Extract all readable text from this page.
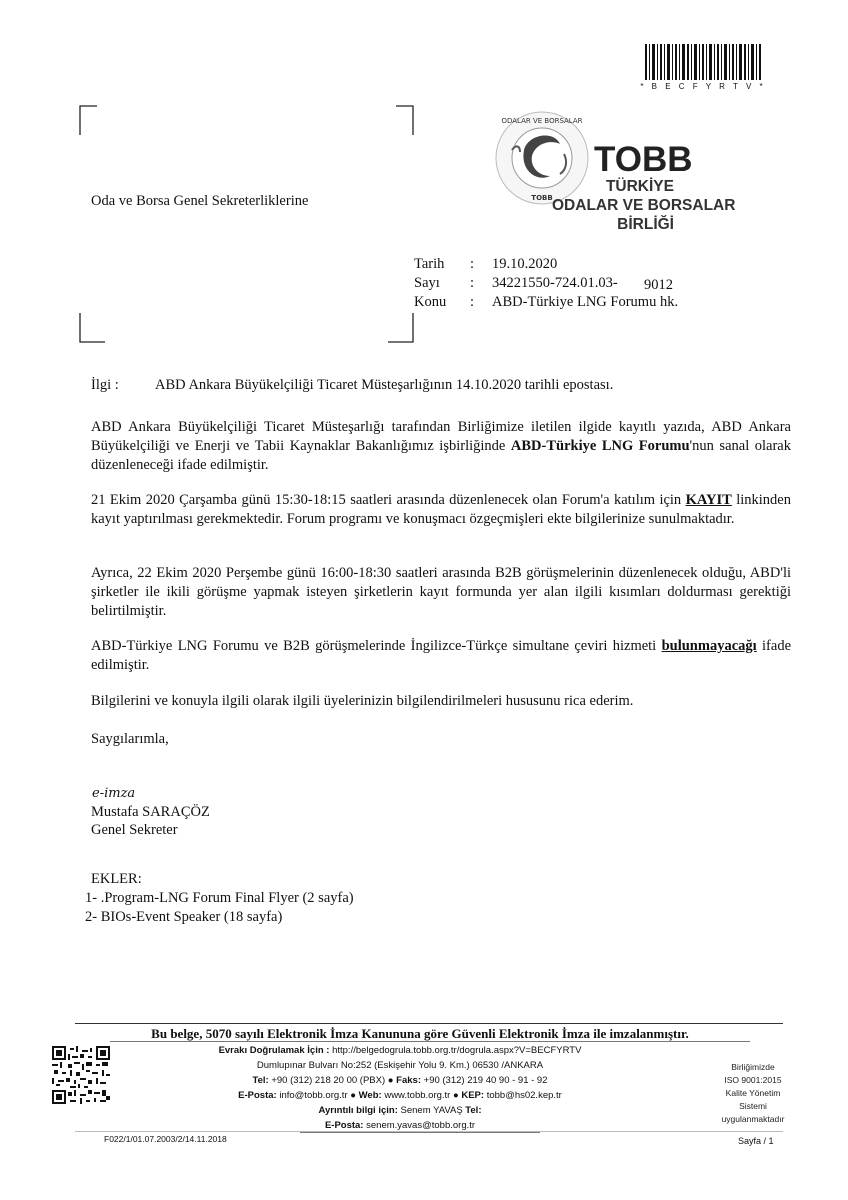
* B E C F Y R T V *
Oda ve Borsa Genel Sekreterliklerine
ODALAR VE BORSALAR
TOBB
TOBB
TÜRKİYE
ODALAR VE BORSALAR
BİRLİĞİ
Tarih : 19.10.2020
Sayı : 34221550-724.01.03- 9012
Konu : ABD-Türkiye LNG Forumu hk.
İlgi : ABD Ankara Büyükelçiliği Ticaret Müsteşarlığının 14.10.2020 tarihli epostası.
ABD Ankara Büyükelçiliği Ticaret Müsteşarlığı tarafından Birliğimize iletilen ilgide kayıtlı yazıda, ABD Ankara Büyükelçiliği ve Enerji ve Tabii Kaynaklar Bakanlığımız işbirliğinde ABD-Türkiye LNG Forumu'nun sanal olarak düzenleneceği ifade edilmiştir.
21 Ekim 2020 Çarşamba günü 15:30-18:15 saatleri arasında düzenlenecek olan Forum'a katılım için KAYIT linkinden kayıt yaptırılması gerekmektedir. Forum programı ve konuşmacı özgeçmişleri ekte bilgilerinize sunulmaktadır.
Ayrıca, 22 Ekim 2020 Perşembe günü 16:00-18:30 saatleri arasında B2B görüşmelerinin düzenlenecek olduğu, ABD'li şirketler ile ikili görüşme yapmak isteyen şirketlerin kayıt formunda yer alan ilgili kısımları doldurması gerektiği belirtilmiştir.
ABD-Türkiye LNG Forumu ve B2B görüşmelerinde İngilizce-Türkçe simultane çeviri hizmeti bulunmayacağı ifade edilmiştir.
Bilgilerini ve konuyla ilgili olarak ilgili üyelerinizin bilgilendirilmeleri hususunu rica ederim.
Saygılarımla,
e-imza
Mustafa SARAÇÖZ
Genel Sekreter
EKLER:
1- .Program-LNG Forum Final Flyer (2 sayfa)
2- BIOs-Event Speaker (18 sayfa)
Bu belge, 5070 sayılı Elektronik İmza Kanununa göre Güvenli Elektronik İmza ile imzalanmıştır.
Evrakı Doğrulamak İçin : http://belgedogrula.tobb.org.tr/dogrula.aspx?V=BECFYRTV
Dumlupınar Bulvarı No:252 (Eskişehir Yolu 9. Km.) 06530 /ANKARA
Tel: +90 (312) 218 20 00 (PBX) ● Faks: +90 (312) 219 40 90 - 91 - 92
E-Posta: info@tobb.org.tr ● Web: www.tobb.org.tr ● KEP: tobb@hs02.kep.tr
Ayrıntılı bilgi için: Senem YAVAŞ Tel:
E-Posta: senem.yavas@tobb.org.tr
Birliğimizde
ISO 9001:2015
Kalite Yönetim
Sistemi
uygulanmaktadır
F022/1/01.07.2003/2/14.11.2018	Sayfa / 1
